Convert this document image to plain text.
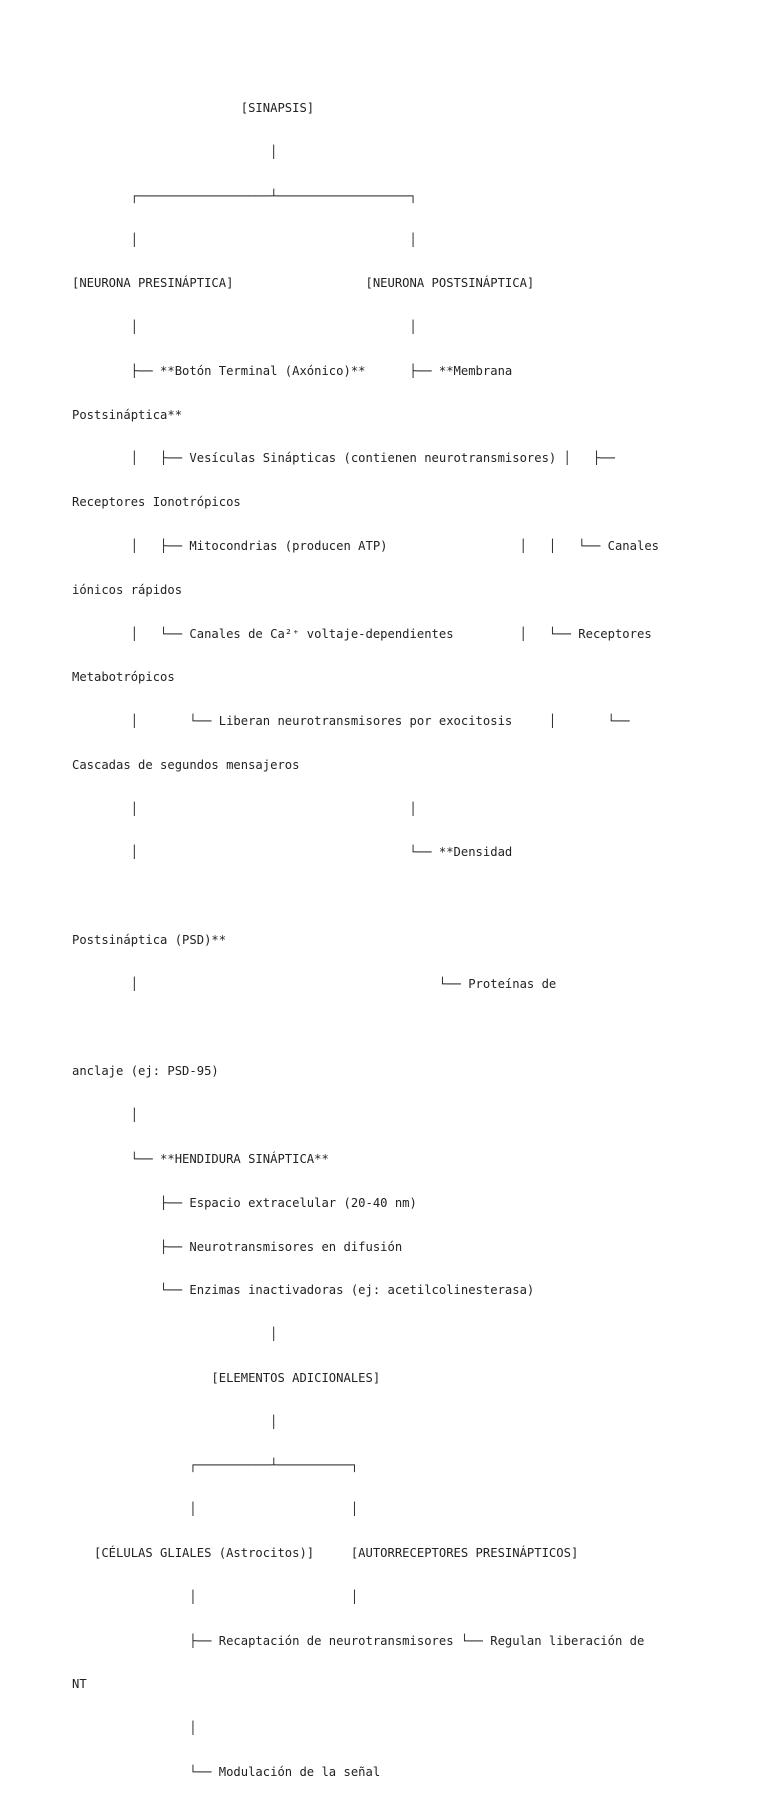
[SINAPSIS]

│

┌──────────────────┴──────────────────┐

│                                     │

[NEURONA PRESINÁPTICA]                  [NEURONA POSTSINÁPTICA]

│                                     │

├── **Botón Terminal (Axónico)**      ├── **Membrana

Postsináptica**

│   ├── Vesículas Sinápticas (contienen neurotransmisores) │   ├──

Receptores Ionotrópicos

│   ├── Mitocondrias (producen ATP)                  │   │   └── Canales

iónicos rápidos

│   └── Canales de Ca²⁺ voltaje-dependientes         │   └── Receptores

Metabotrópicos

│       └── Liberan neurotransmisores por exocitosis     │       └──

Cascadas de segundos mensajeros

│                                     │

│                                     └── **Densidad

Postsináptica (PSD)**

│                                         └── Proteínas de

anclaje (ej: PSD-95)

│

└── **HENDIDURA SINÁPTICA**

├── Espacio extracelular (20-40 nm)

├── Neurotransmisores en difusión

└── Enzimas inactivadoras (ej: acetilcolinesterasa)

│

[ELEMENTOS ADICIONALES]

│

┌──────────┴──────────┐

│                     │

[CÉLULAS GLIALES (Astrocitos)]     [AUTORRECEPTORES PRESINÁPTICOS]

│                     │

├── Recaptación de neurotransmisores └── Regulan liberación de

NT

│

└── Modulación de la señal
